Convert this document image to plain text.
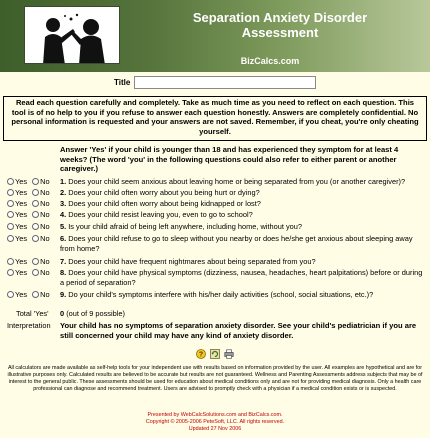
Separation Anxiety Disorder
Assessment
BizCalcs.com
Title
Read each question carefully and completely. Take as much time as you need to reflect on each question. This tool is of no help to you if you refuse to answer each question honestly. Answers are completely confidential. No personal information is requested and your answers are not saved. Remember, if you cheat, you're only cheating yourself.
Answer 'Yes' if your child is younger than 18 and has experienced they symptom for at least 4 weeks? (The word 'you' in the following questions could also refer to either parent or another caregiver.)
Yes No	1. Does your child seem anxious about leaving home or being separated from you (or another caregiver)?
Yes No	2. Does your child often worry about you being hurt or dying?
Yes No	3. Does your child often worry about being kidnapped or lost?
Yes No	4. Does your child resist leaving you, even to go to school?
Yes No	5. Is your child afraid of being left anywhere, including home, without you?
Yes No	6. Does your child refuse to go to sleep without you nearby or does he/she get anxious about sleeping away from home?
Yes No	7. Does your child have frequent nightmares about being separated from you?
Yes No	8. Does your child have physical symptoms (dizziness, nausea, headaches, heart palpitations) before or during a period of separation?
Yes No	9. Do your child's symptoms interfere with his/her daily activities (school, social situations, etc.)?
Total 'Yes' 0 (out of 9 possible)
Interpretation Your child has no symptoms of separation anxiety disorder. See your child's pediatrician if you are still concerned your child may have any kind of anxiety disorder.
?

All calculators are made available as self-help tools for your independent use with results based on information provided by the user. All examples are hypothetical and are for illustrative purposes only. Calculated results are believed to be accurate but results are not guaranteed. Wellness and Parenting Assessments address subjects that may be of interest to the general public. These assessments should be used for education about medical conditions only and are not for providing medical diagnosis. Only a health care professional can diagnose and recommend treatment. Users are advised to promptly check with a physician if a medical condition exists or is suspected.
Presented by WebCalcSolutions.com and BizCalcs.com.
Copyright © 2005-2006 PeteSoft, LLC. All rights reserved.
Updated 27 Nov 2006
